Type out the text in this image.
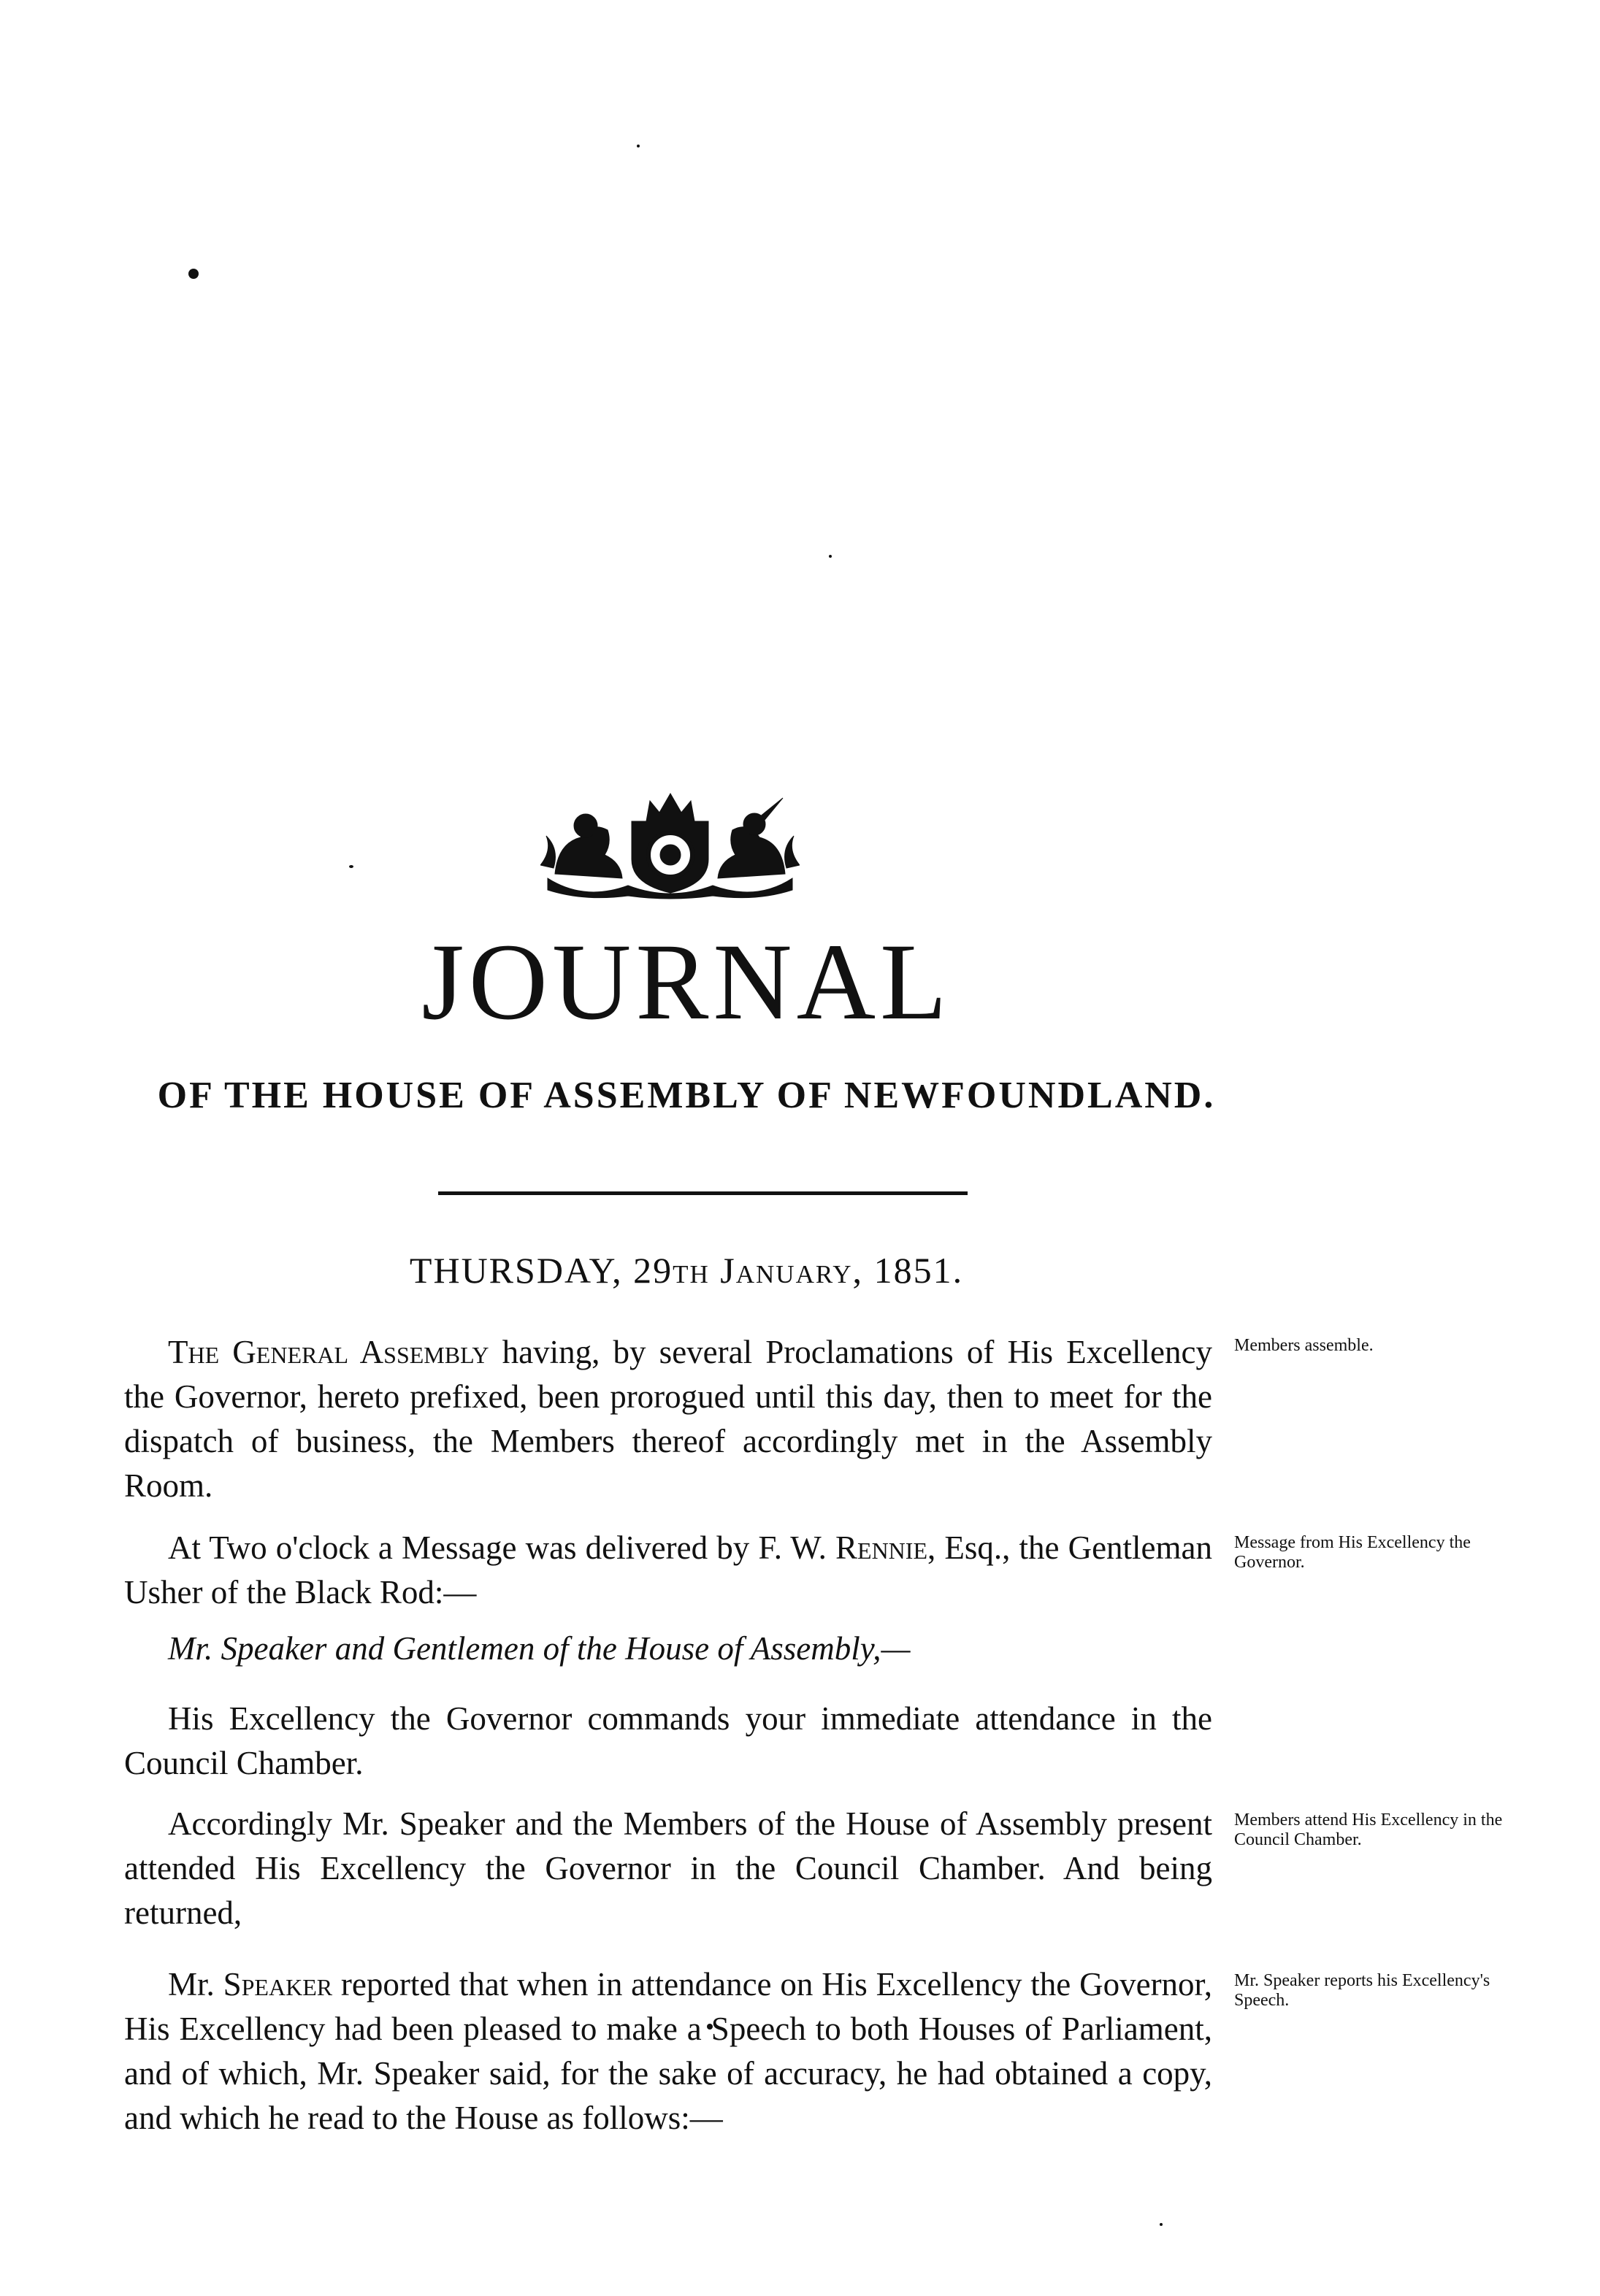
JOURNAL
OF THE HOUSE OF ASSEMBLY OF NEWFOUNDLAND.
THURSDAY, 29th January, 1851.

The General Assembly having, by several Proclamations of His Excellency the Governor, hereto prefixed, been prorogued until this day, then to meet for the dispatch of business, the Members thereof accordingly met in the Assembly Room.

Members assemble.

At Two o'clock a Message was delivered by F. W. Rennie, Esq., the Gentleman Usher of the Black Rod:—

Message from His Excellency the Governor.

Mr. Speaker and Gentlemen of the House of Assembly,—

His Excellency the Governor commands your immediate attendance in the Council Chamber.

Accordingly Mr. Speaker and the Members of the House of Assembly present attended His Excellency the Governor in the Council Chamber. And being returned,

Members attend His Excellency in the Council Chamber.

Mr. Speaker reported that when in attendance on His Excellency the Governor, His Excellency had been pleased to make a Speech to both Houses of Parliament, and of which, Mr. Speaker said, for the sake of accuracy, he had obtained a copy, and which he read to the House as follows:—

Mr. Speaker reports his Excellency's Speech.
